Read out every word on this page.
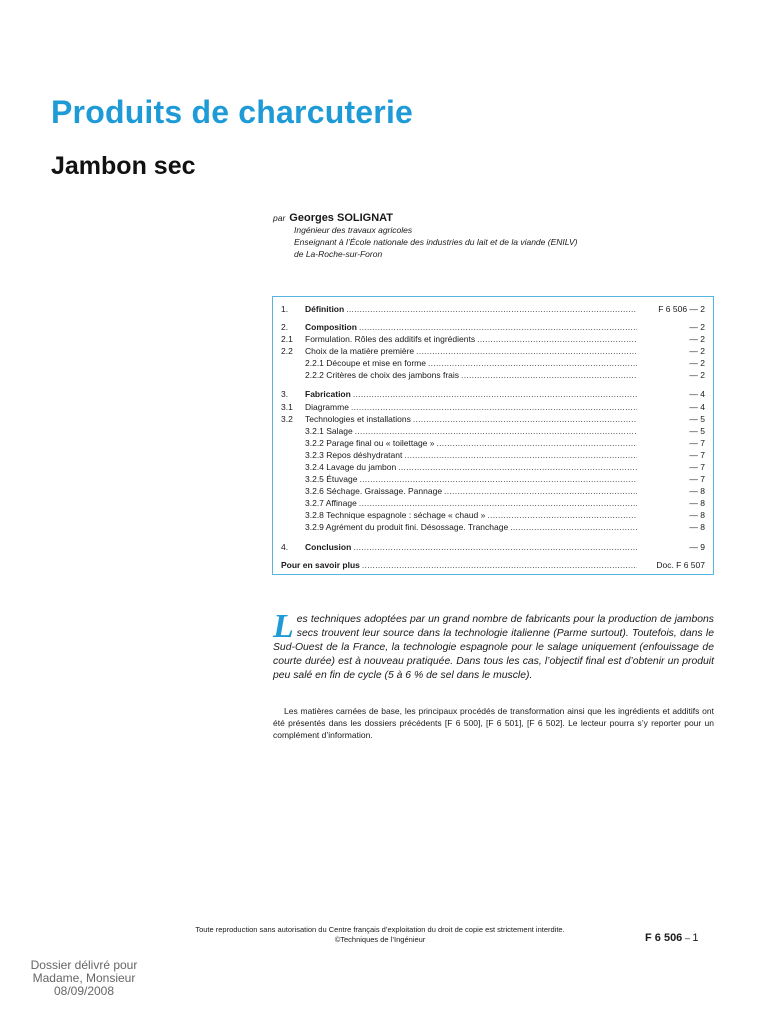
Produits de charcuterie
Jambon sec
par Georges SOLIGNAT
Ingénieur des travaux agricoles
Enseignant à l’École nationale des industries du lait et de la viande (ENILV)
de La-Roche-sur-Foron
1.	Définition .....	F 6 506 — 2
2.	Composition .....	— 2
2.1	Formulation. Rôles des additifs et ingrédients .....	— 2
2.2	Choix de la matière première .....	— 2
2.2.1 Découpe et mise en forme .....	— 2
2.2.2 Critères de choix des jambons frais .....	— 2
3.	Fabrication .....	— 4
3.1	Diagramme .....	— 4
3.2	Technologies et installations .....	— 5
3.2.1 Salage .....	— 5
3.2.2 Parage final ou « toilettage » .....	— 7
3.2.3 Repos déshydratant .....	— 7
3.2.4 Lavage du jambon .....	— 7
3.2.5 Étuvage .....	— 7
3.2.6 Séchage. Graissage. Pannage .....	— 8
3.2.7 Affinage .....	— 8
3.2.8 Technique espagnole : séchage « chaud » .....	— 8
3.2.9 Agrément du produit fini. Désossage. Tranchage .....	— 8
4.	Conclusion .....	— 9
Pour en savoir plus .....	Doc. F 6 507

Les techniques adoptées par un grand nombre de fabricants pour la production de jambons secs trouvent leur source dans la technologie italienne (Parme surtout). Toutefois, dans le Sud-Ouest de la France, la technologie espagnole pour le salage uniquement (enfouissage de courte durée) est à nouveau pratiquée. Dans tous les cas, l’objectif final est d’obtenir un produit peu salé en fin de cycle (5 à 6 % de sel dans le muscle).

Les matières carnées de base, les principaux procédés de transformation ainsi que les ingrédients et additifs ont été présentés dans les dossiers précédents [F 6 500], [F 6 501], [F 6 502]. Le lecteur pourra s’y reporter pour un complément d’information.

Toute reproduction sans autorisation du Centre français d’exploitation du droit de copie est strictement interdite.
©Techniques de l’Ingénieur	F 6 506 – 1
Dossier délivré pour
Madame, Monsieur
08/09/2008
